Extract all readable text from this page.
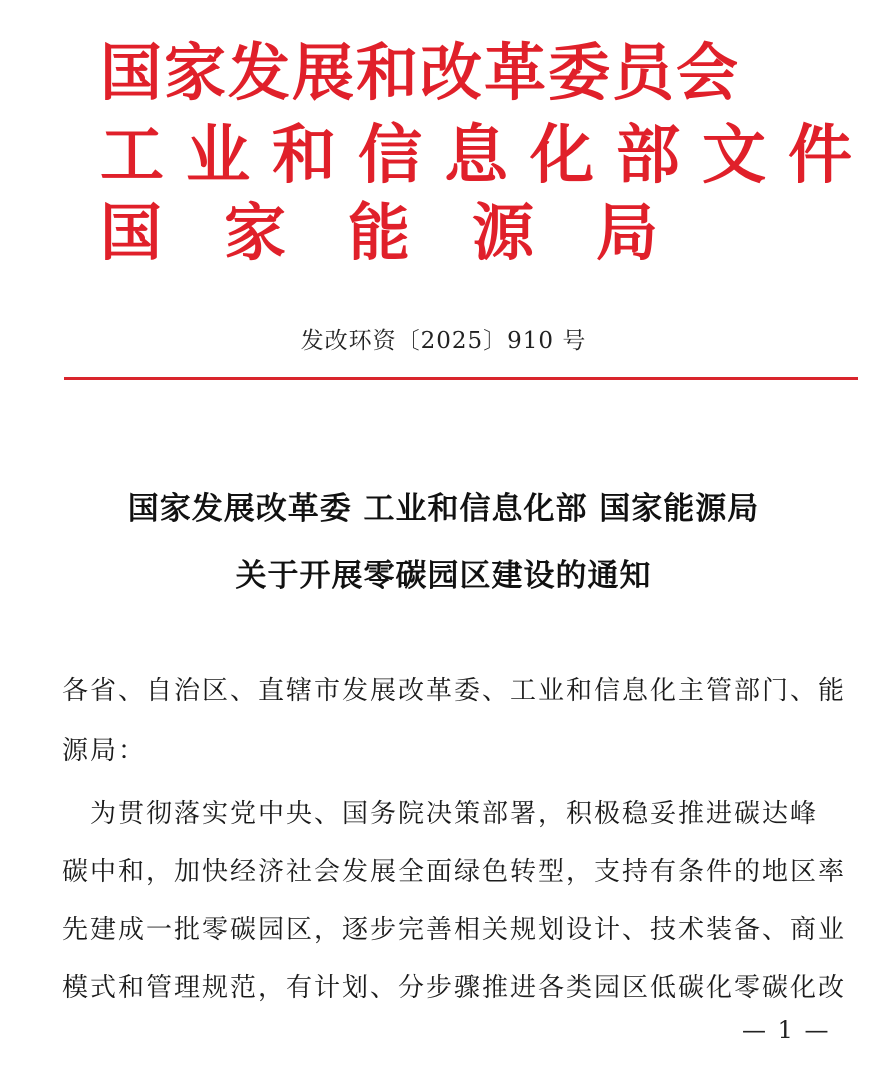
国家发展和改革委员会
工业和信息化部文件
国家能源局
发改环资〔2025〕910 号
国家发展改革委 工业和信息化部 国家能源局
关于开展零碳园区建设的通知
各省、自治区、直辖市发展改革委、工业和信息化主管部门、能
源局：
　为贯彻落实党中央、国务院决策部署，积极稳妥推进碳达峰
碳中和，加快经济社会发展全面绿色转型，支持有条件的地区率
先建成一批零碳园区，逐步完善相关规划设计、技术装备、商业
模式和管理规范，有计划、分步骤推进各类园区低碳化零碳化改
— 1 —
